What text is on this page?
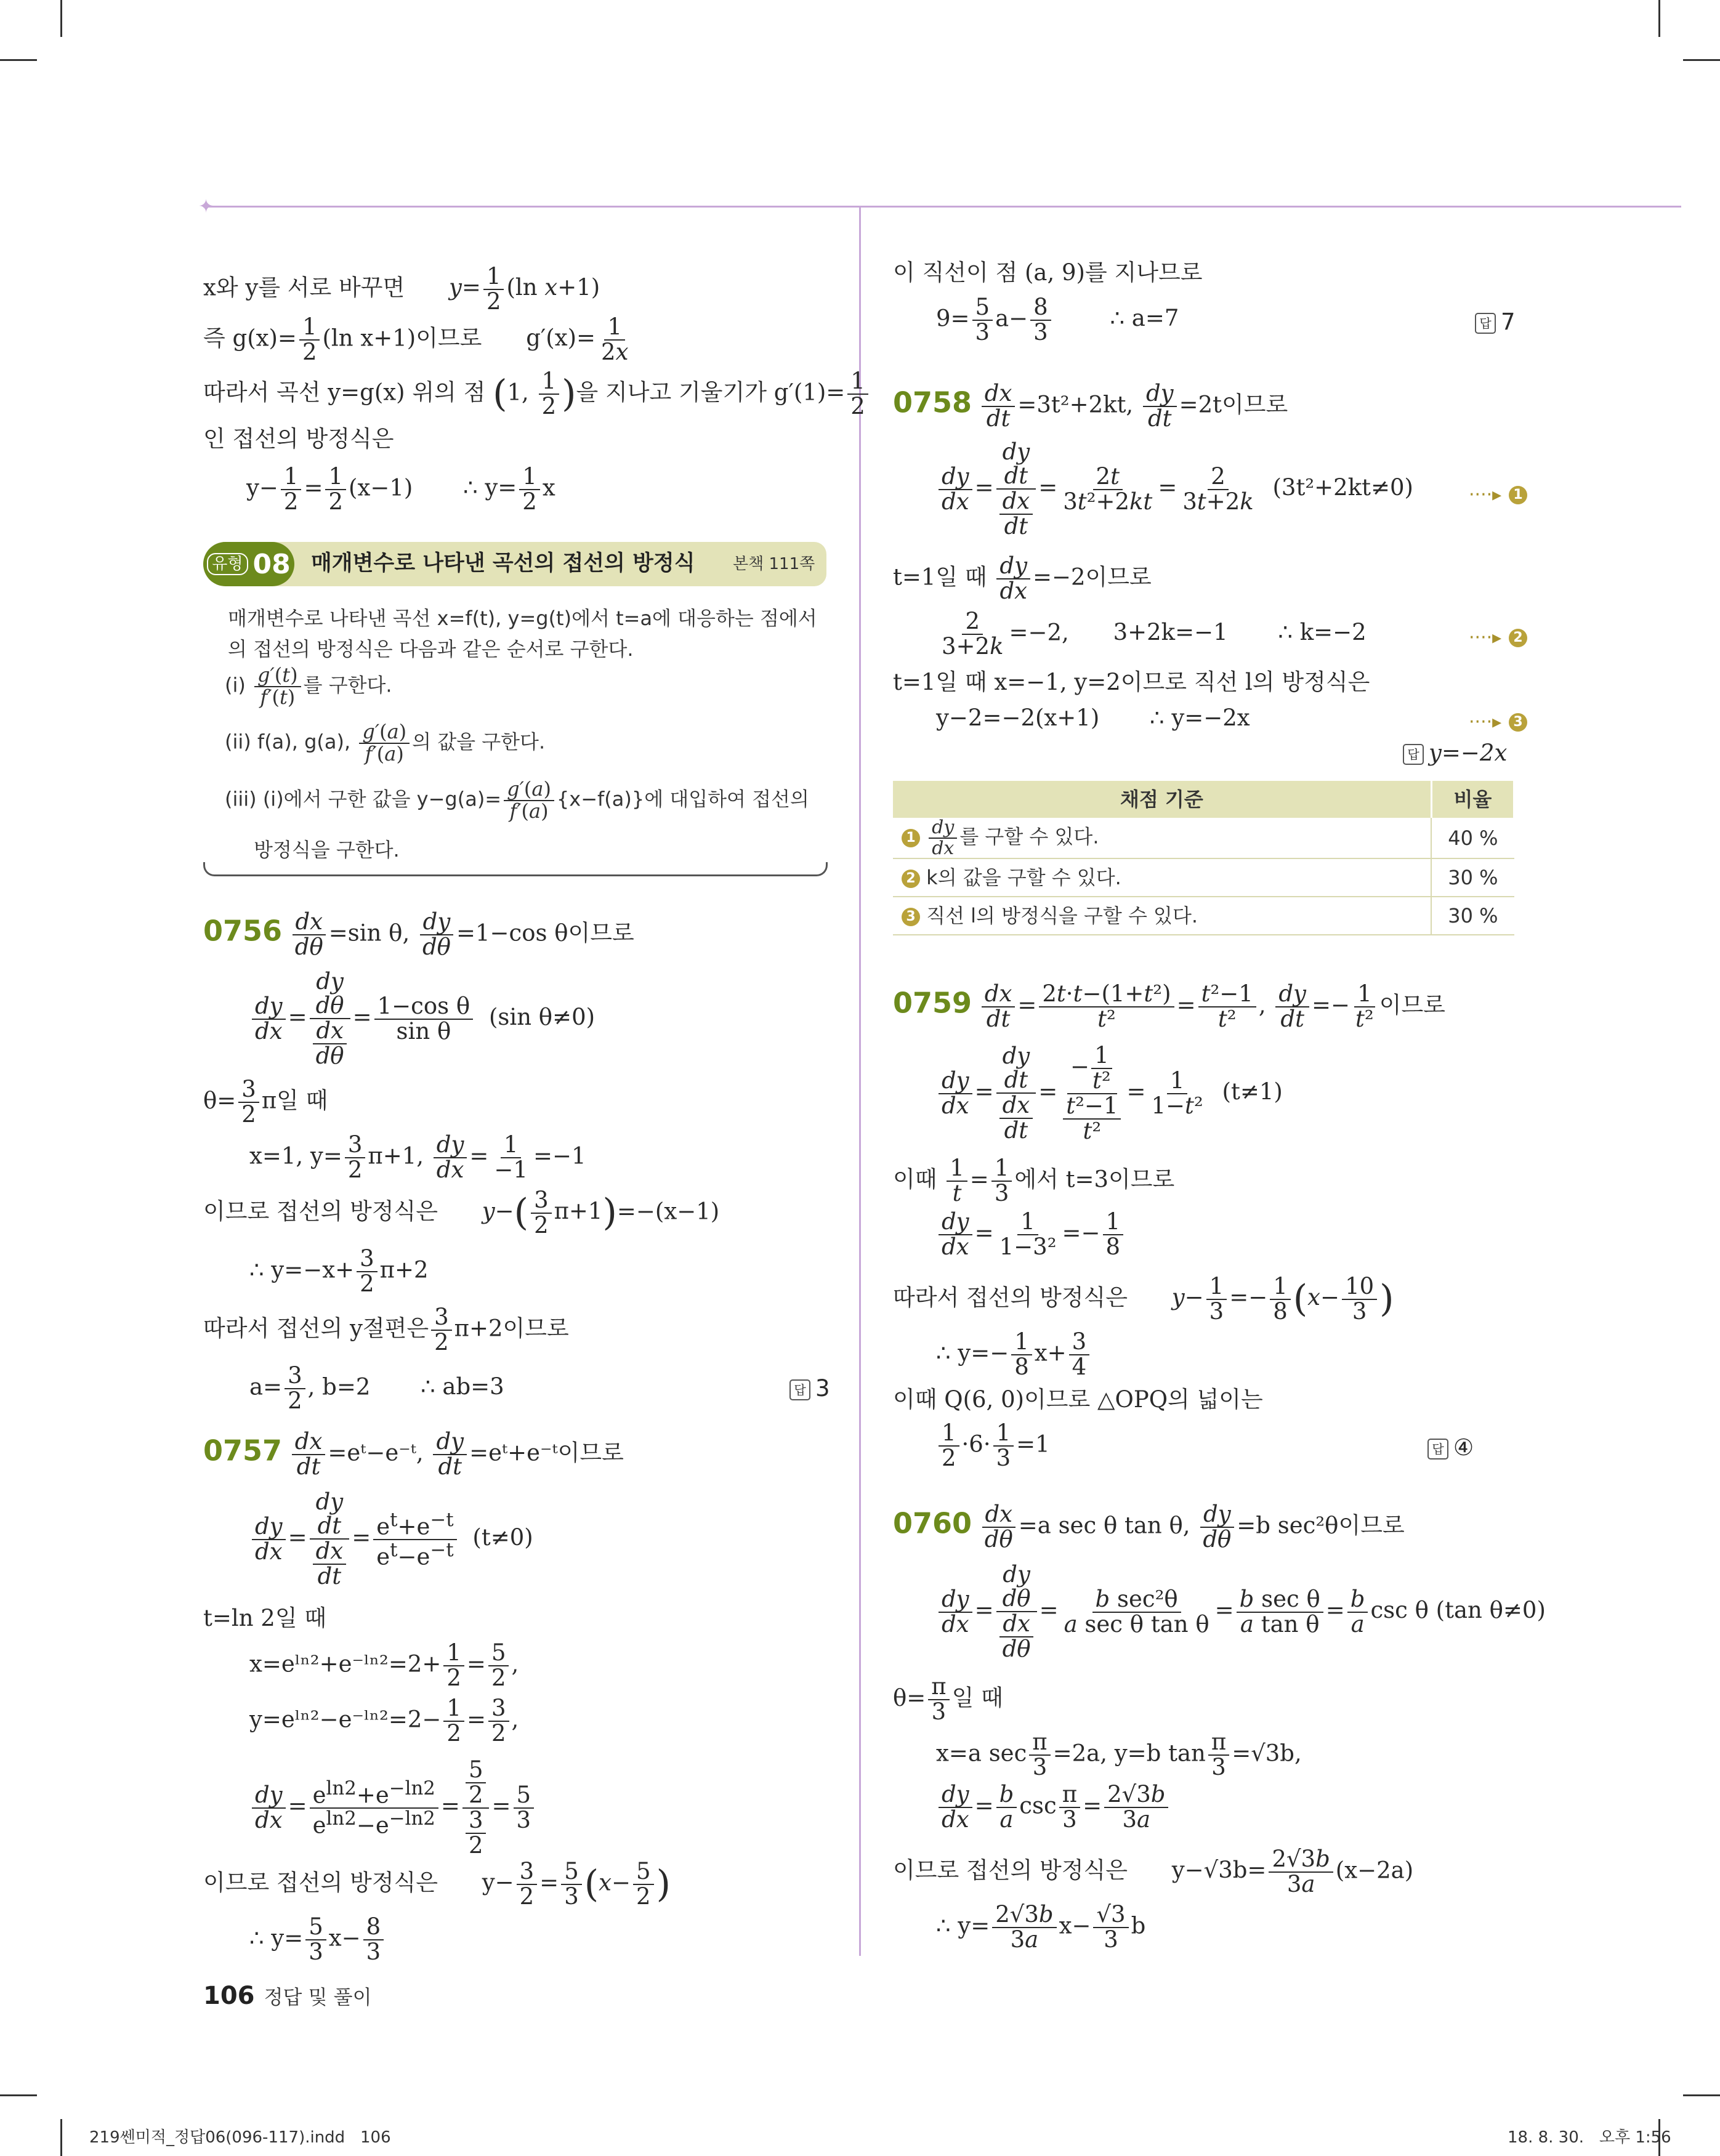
✦
x와 y를 서로 바꾸면 $y= \frac{1}{2} (\ln$ x+1)
즉 $g(x)= \frac{1}{2} (\ln$ x+1)이므로 $g'(x)= \frac{1}{2x}$
따라서 곡선 y=g(x) 위의 점 (1, $\frac{1}{2}$ )을 지나고 기울기가 $g'(1)= \frac{1}{2}$
인 접선의 방정식은
$y- \frac{1}{2} = \frac{1}{2} (x-1)$ ∴ $y= \frac{1}{2}$ x
유형 08 매개변수로 나타낸 곡선의 접선의 방정식 본책 111쪽
매개변수로 나타낸 곡선 x=f(t), y=g(t)에서 t=a에 대응하는 점에서
의 접선의 방정식은 다음과 같은 순서로 구한다.
$(i) \frac{g'(t)}{f'(t)}$ 를 구한다.
(ii) f(a), g(a), $\frac{g'(a)}{f'(a)}$ 의 값을 구한다.
(iii) (i)에서 구한 값을 $y-g(a)= \frac{g'(a)}{f'(a)} \{x-f(a)\}$에 대입하여 접선의
방정식을 구한다.
$0756 \frac{dx}{d\theta} =\sin$ θ, $\frac{dy}{d\theta} =1-\cos$ θ이므로
$\frac{dy}{dx}$ = dy
dθ
$\frac{dx}{d\theta} = \frac{\text{1−cos θ}}{\text{sin θ}} (\sin$ θ≠0)
$\theta= \frac{3}{2}$ π일 때
x=1, $y= \frac{3}{2} \pi+1$, $\frac{dy}{dx} = \frac{1}{-1} =-1$
이므로 접선의 방정식은 $y-( \frac{3}{2} \pi+1)=-(x-1)$
∴ $y=-x+ \frac{3}{2} \pi+2$
따라서 접선의 y절편은 $\frac{3}{2} \pi+2$이므로
$a= \frac{3}{2}$ , b=2 ∴ ab=3	답 3
$0757 \frac{dx}{dt}$ =eᵗ−e⁻ᵗ, $\frac{dy}{dt}$ =eᵗ+e⁻ᵗ이므로
$\frac{dy}{dx}$ = dy
dt
$\frac{dx}{dt} = \frac{e^t+e^{-t}}{e^t-e^{-t}} (t\ne 0)$
t=ln 2일 때
x=eˡⁿ²+e⁻ˡⁿ²=2+ $\frac{1}{2} = \frac{5}{2}$ ,
y=eˡⁿ²−e⁻ˡⁿ²=2− $\frac{1}{2} = \frac{3}{2}$ ,
$\frac{dy}{dx} = \frac{e^{ln2}+e^{-ln2}}{e^{ln2}-e^{-ln2}} = \frac{\frac{5}{2}}{\frac{3}{2}} = \frac{5}{3}$
이므로 접선의 방정식은 $y- \frac{3}{2} = \frac{5}{3} (x- \frac{5}{2}$ )
∴ $y= \frac{5}{3} x- \frac{8}{3}$
이 직선이 점 (a, 9)를 지나므로
$9= \frac{5}{3} a- \frac{8}{3}$	∴ a=7	답 7
$0758 \frac{dx}{dt} =3t^2+2kt$, $\frac{dy}{dt} =2t$이므로
$\frac{dy}{dx}$ = dy
dt
$\frac{dx}{dt} = \frac{2t}{\text{3t²+2kt}} = \frac{2}{3t+2k} (3t^2+2kt\ne 0)$	····▸ 1
t=1일 때 $\frac{dy}{dx} =-2$이므로
$\frac{2}{3+2k} =-2$, 3+2k=−1 ∴ k=−2	····▸ 2
t=1일 때 x=−1, y=2이므로 직선 l의 방정식은
y−2=−2(x+1) ∴ y=−2x	····▸ 3
답 y=−2x
채점 기준	비율
$1 \frac{dy}{dx}$ 를 구할 수 있다.	40 %
2 k의 값을 구할 수 있다.	30 %
3 직선 l의 방정식을 구할 수 있다.	30 %
$0759 \frac{dx}{dt} = \frac{\text{2t·t−(1+t²)}}{\text{t²}} = \frac{\text{t²−1}}{\text{t²}}$ , $\frac{dy}{dt} =- \frac{1}{\text{t²}}$ 이므로
$\frac{dy}{dx}$ = dy
dt
$\frac{dx}{dt} = \frac{- \frac{1}{\text{t²}}}{\frac{\text{t²−1}}{\text{t²}}} = \frac{1}{\text{1−t²}} (t\ne 1)$
이때 $\frac{1}{t} = \frac{1}{3}$ 에서 t=3이므로
$\frac{dy}{dx} = \frac{1}{\text{1−3²}} =- \frac{1}{8}$
따라서 접선의 방정식은 $y- \frac{1}{3} =- \frac{1}{8} (x- \frac{10}{3}$ )
∴ $y=- \frac{1}{8} x+ \frac{3}{4}$
이때 Q(6, 0)이므로 △OPQ의 넓이는
$\frac{1}{2} \cdot 6\cdot \frac{1}{3} =1$	답 ④
$0760 \frac{dx}{d\theta} =a$ sec θ tan θ, $\frac{dy}{d\theta} =b$ sec²θ이므로
$\frac{dy}{dx}$ = dy
dθ
$\frac{dx}{d\theta} = \frac{\text{b sec²θ}}{\text{a sec θ tan θ}} = \frac{\text{b sec θ}}{\text{a tan θ}} = \frac{b}{a}$ csc θ (tan θ≠0)
$\theta= \frac{\pi}{3}$ 일 때
x=a $\sec \frac{\pi}{3} =2a$, y=b $\tan \frac{\pi}{3} =√3b$,
$\frac{dy}{dx} = \frac{b}{a}$ $\csc \frac{\pi}{3} = \frac{2√3b}{3a}$
이므로 접선의 방정식은 $y-√3b= \frac{2√3b}{3a} (x-2a)$
∴ $y= \frac{2√3b}{3a} x- \frac{√3}{3}$ b
106 정답 및 풀이
219쎈미적_정답06(096-117).indd   106	18. 8. 30.   오후 1:56
